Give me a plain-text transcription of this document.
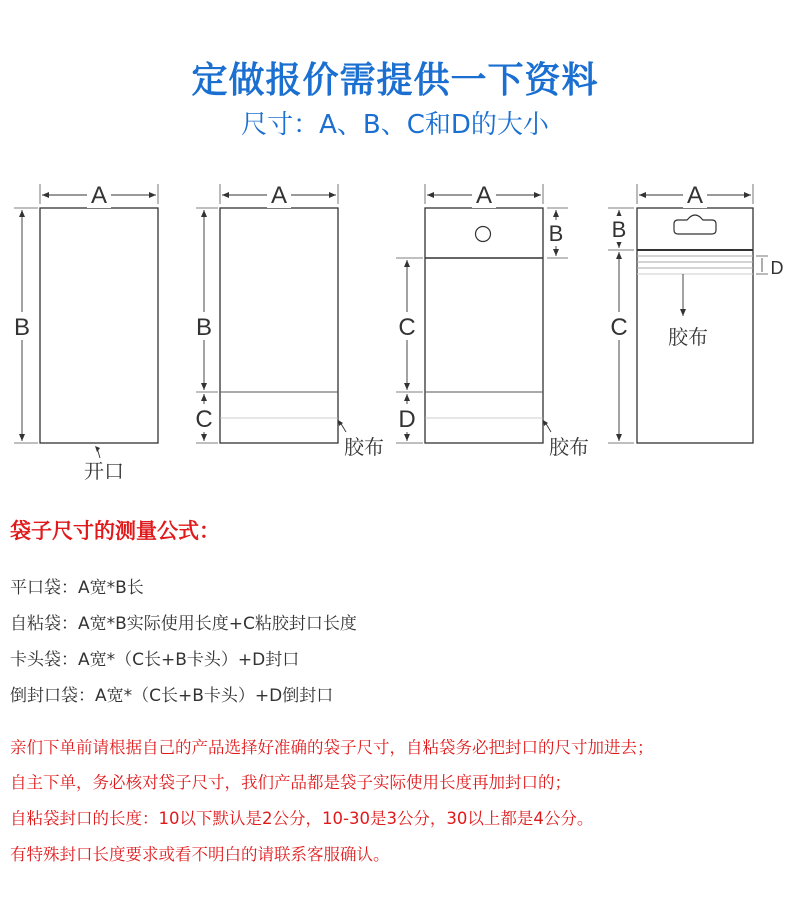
定做报价需提供一下资料
尺寸：A、B、C和D的大小
A
B
开口
A
B
C
胶布
A
B
C
D
胶布
A
B
C
D
胶布
袋子尺寸的测量公式：
平口袋：A宽*B长
自粘袋：A宽*B实际使用长度+C粘胶封口长度
卡头袋：A宽*（C长+B卡头）+D封口
倒封口袋：A宽*（C长+B卡头）+D倒封口
亲们下单前请根据自己的产品选择好准确的袋子尺寸，自粘袋务必把封口的尺寸加进去；
自主下单，务必核对袋子尺寸，我们产品都是袋子实际使用长度再加封口的；
自粘袋封口的长度：10以下默认是2公分，10-30是3公分，30以上都是4公分。
有特殊封口长度要求或看不明白的请联系客服确认。
